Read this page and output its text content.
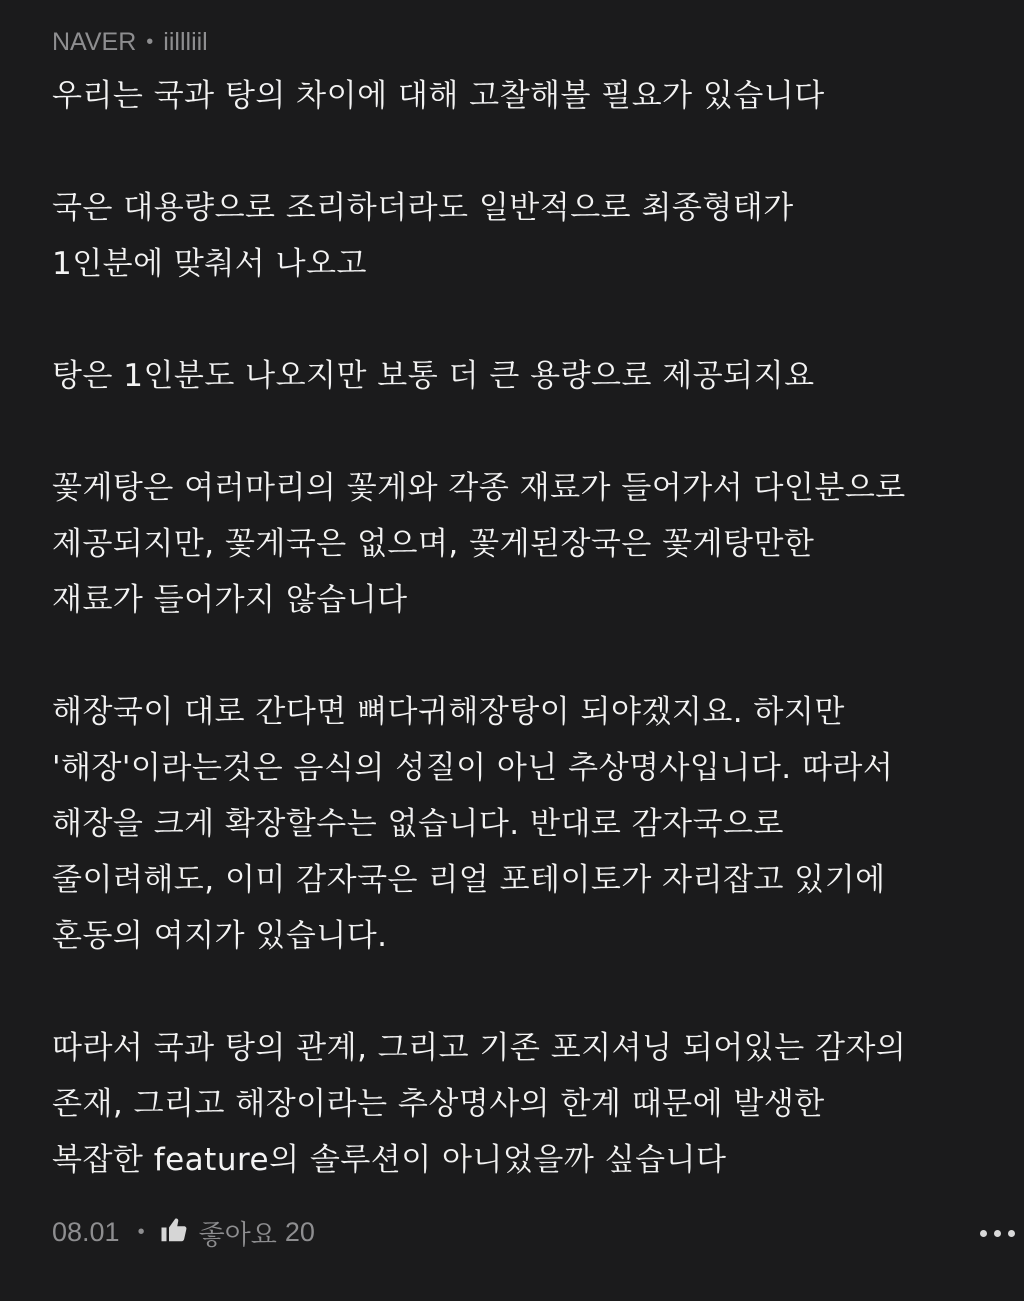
NAVER • iillliil
우리는 국과 탕의 차이에 대해 고찰해볼 필요가 있습니다
국은 대용량으로 조리하더라도 일반적으로 최종형태가
1인분에 맞춰서 나오고
탕은 1인분도 나오지만 보통 더 큰 용량으로 제공되지요
꽃게탕은 여러마리의 꽃게와 각종 재료가 들어가서 다인분으로
제공되지만, 꽃게국은 없으며, 꽃게된장국은 꽃게탕만한
재료가 들어가지 않습니다
해장국이 대로 간다면 뼈다귀해장탕이 되야겠지요. 하지만
'해장'이라는것은 음식의 성질이 아닌 추상명사입니다. 따라서
해장을 크게 확장할수는 없습니다. 반대로 감자국으로
줄이려해도, 이미 감자국은 리얼 포테이토가 자리잡고 있기에
혼동의 여지가 있습니다.
따라서 국과 탕의 관계, 그리고 기존 포지셔닝 되어있는 감자의
존재, 그리고 해장이라는 추상명사의 한계 때문에 발생한
복잡한 feature의 솔루션이 아니었을까 싶습니다
08.01 • 좋아요 20
